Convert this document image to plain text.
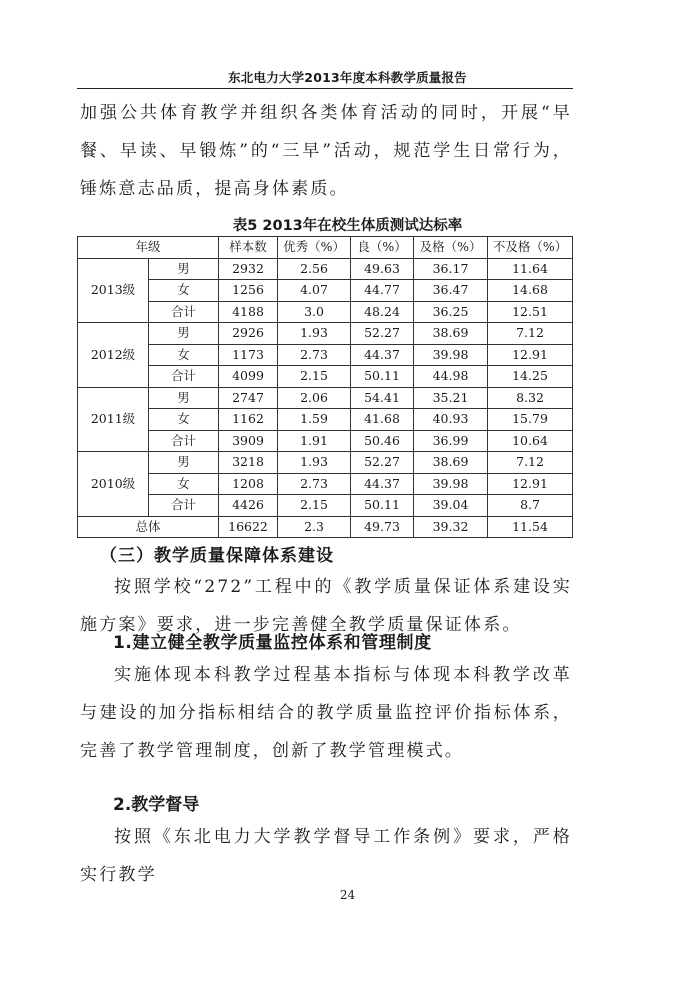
东北电力大学2013年度本科教学质量报告
加强公共体育教学并组织各类体育活动的同时，开展“早餐、早读、早锻炼”的“三早”活动，规范学生日常行为，锤炼意志品质，提高身体素质。
表5 2013年在校生体质测试达标率
年级		样本数	优秀（%）	良（%）	及格（%）	不及格（%）
2013级	男	2932	2.56	49.63	36.17	11.64
	女	1256	4.07	44.77	36.47	14.68
	合计	4188	3.0	48.24	36.25	12.51
2012级	男	2926	1.93	52.27	38.69	7.12
	女	1173	2.73	44.37	39.98	12.91
	合计	4099	2.15	50.11	44.98	14.25
2011级	男	2747	2.06	54.41	35.21	8.32
	女	1162	1.59	41.68	40.93	15.79
	合计	3909	1.91	50.46	36.99	10.64
2010级	男	3218	1.93	52.27	38.69	7.12
	女	1208	2.73	44.37	39.98	12.91
	合计	4426	2.15	50.11	39.04	8.7
总体		16622	2.3	49.73	39.32	11.54
（三）教学质量保障体系建设
按照学校“272”工程中的《教学质量保证体系建设实施方案》要求，进一步完善健全教学质量保证体系。
1.建立健全教学质量监控体系和管理制度
实施体现本科教学过程基本指标与体现本科教学改革与建设的加分指标相结合的教学质量监控评价指标体系，完善了教学管理制度，创新了教学管理模式。
2.教学督导
按照《东北电力大学教学督导工作条例》要求，严格实行教学
24
